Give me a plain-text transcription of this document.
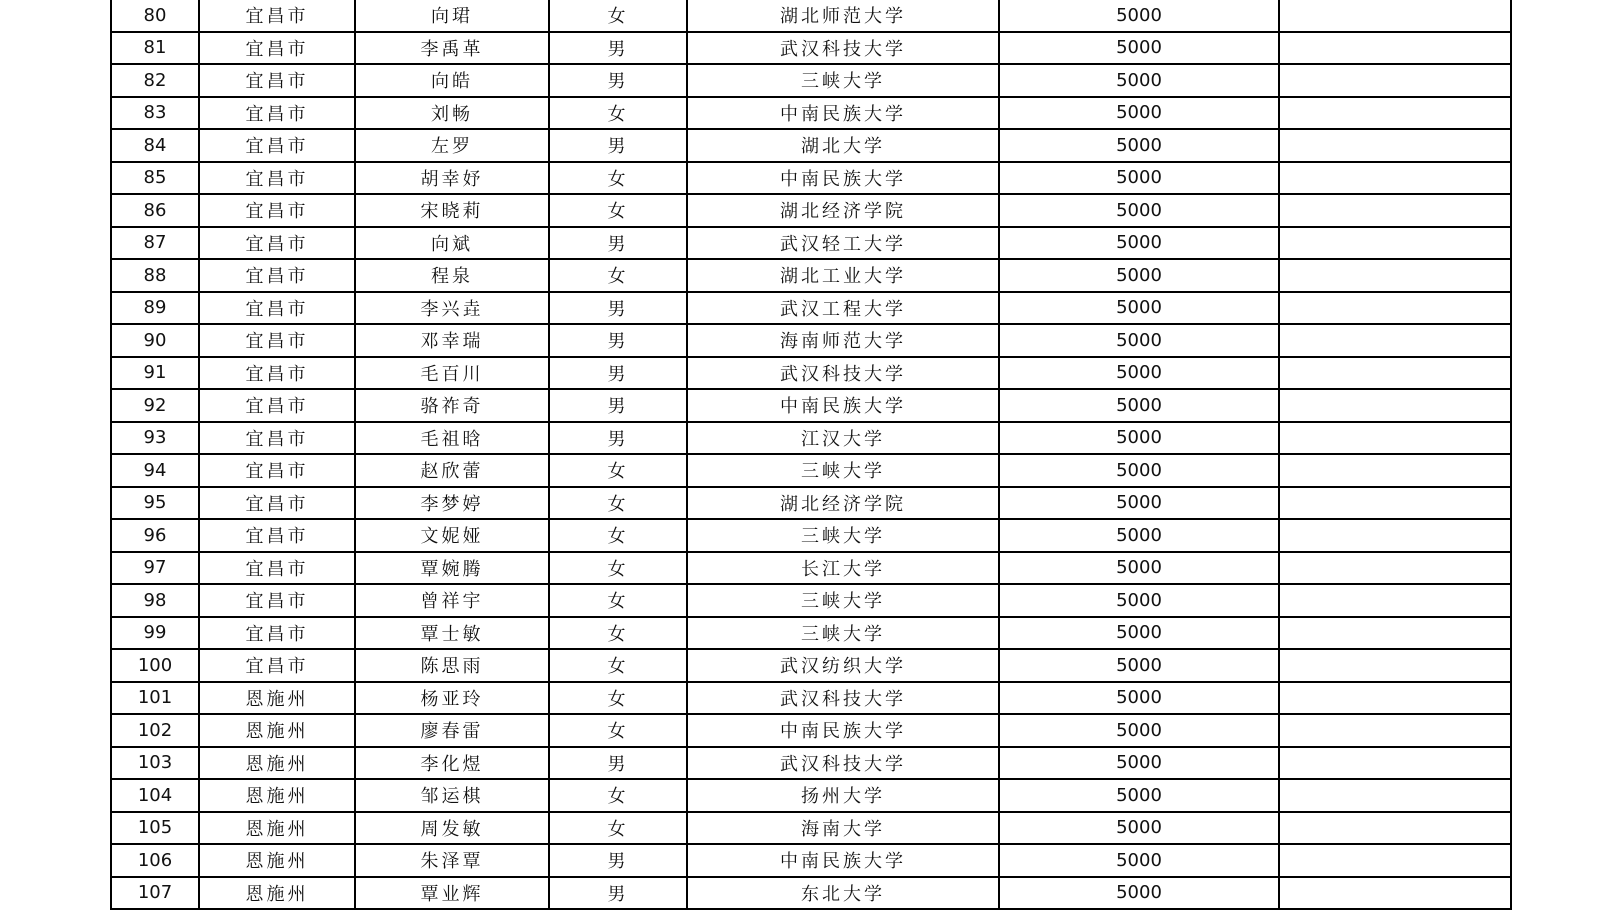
80	宜昌市	向珺	女	湖北师范大学	5000	
81	宜昌市	李禹革	男	武汉科技大学	5000	
82	宜昌市	向皓	男	三峡大学	5000	
83	宜昌市	刘畅	女	中南民族大学	5000	
84	宜昌市	左罗	男	湖北大学	5000	
85	宜昌市	胡幸妤	女	中南民族大学	5000	
86	宜昌市	宋晓莉	女	湖北经济学院	5000	
87	宜昌市	向斌	男	武汉轻工大学	5000	
88	宜昌市	程泉	女	湖北工业大学	5000	
89	宜昌市	李兴垚	男	武汉工程大学	5000	
90	宜昌市	邓幸瑞	男	海南师范大学	5000	
91	宜昌市	毛百川	男	武汉科技大学	5000	
92	宜昌市	骆祚奇	男	中南民族大学	5000	
93	宜昌市	毛祖晗	男	江汉大学	5000	
94	宜昌市	赵欣蕾	女	三峡大学	5000	
95	宜昌市	李梦婷	女	湖北经济学院	5000	
96	宜昌市	文妮娅	女	三峡大学	5000	
97	宜昌市	覃婉腾	女	长江大学	5000	
98	宜昌市	曾祥宇	女	三峡大学	5000	
99	宜昌市	覃士敏	女	三峡大学	5000	
100	宜昌市	陈思雨	女	武汉纺织大学	5000	
101	恩施州	杨亚玲	女	武汉科技大学	5000	
102	恩施州	廖春雷	女	中南民族大学	5000	
103	恩施州	李化煜	男	武汉科技大学	5000	
104	恩施州	邹运棋	女	扬州大学	5000	
105	恩施州	周发敏	女	海南大学	5000	
106	恩施州	朱泽覃	男	中南民族大学	5000	
107	恩施州	覃业辉	男	东北大学	5000	
